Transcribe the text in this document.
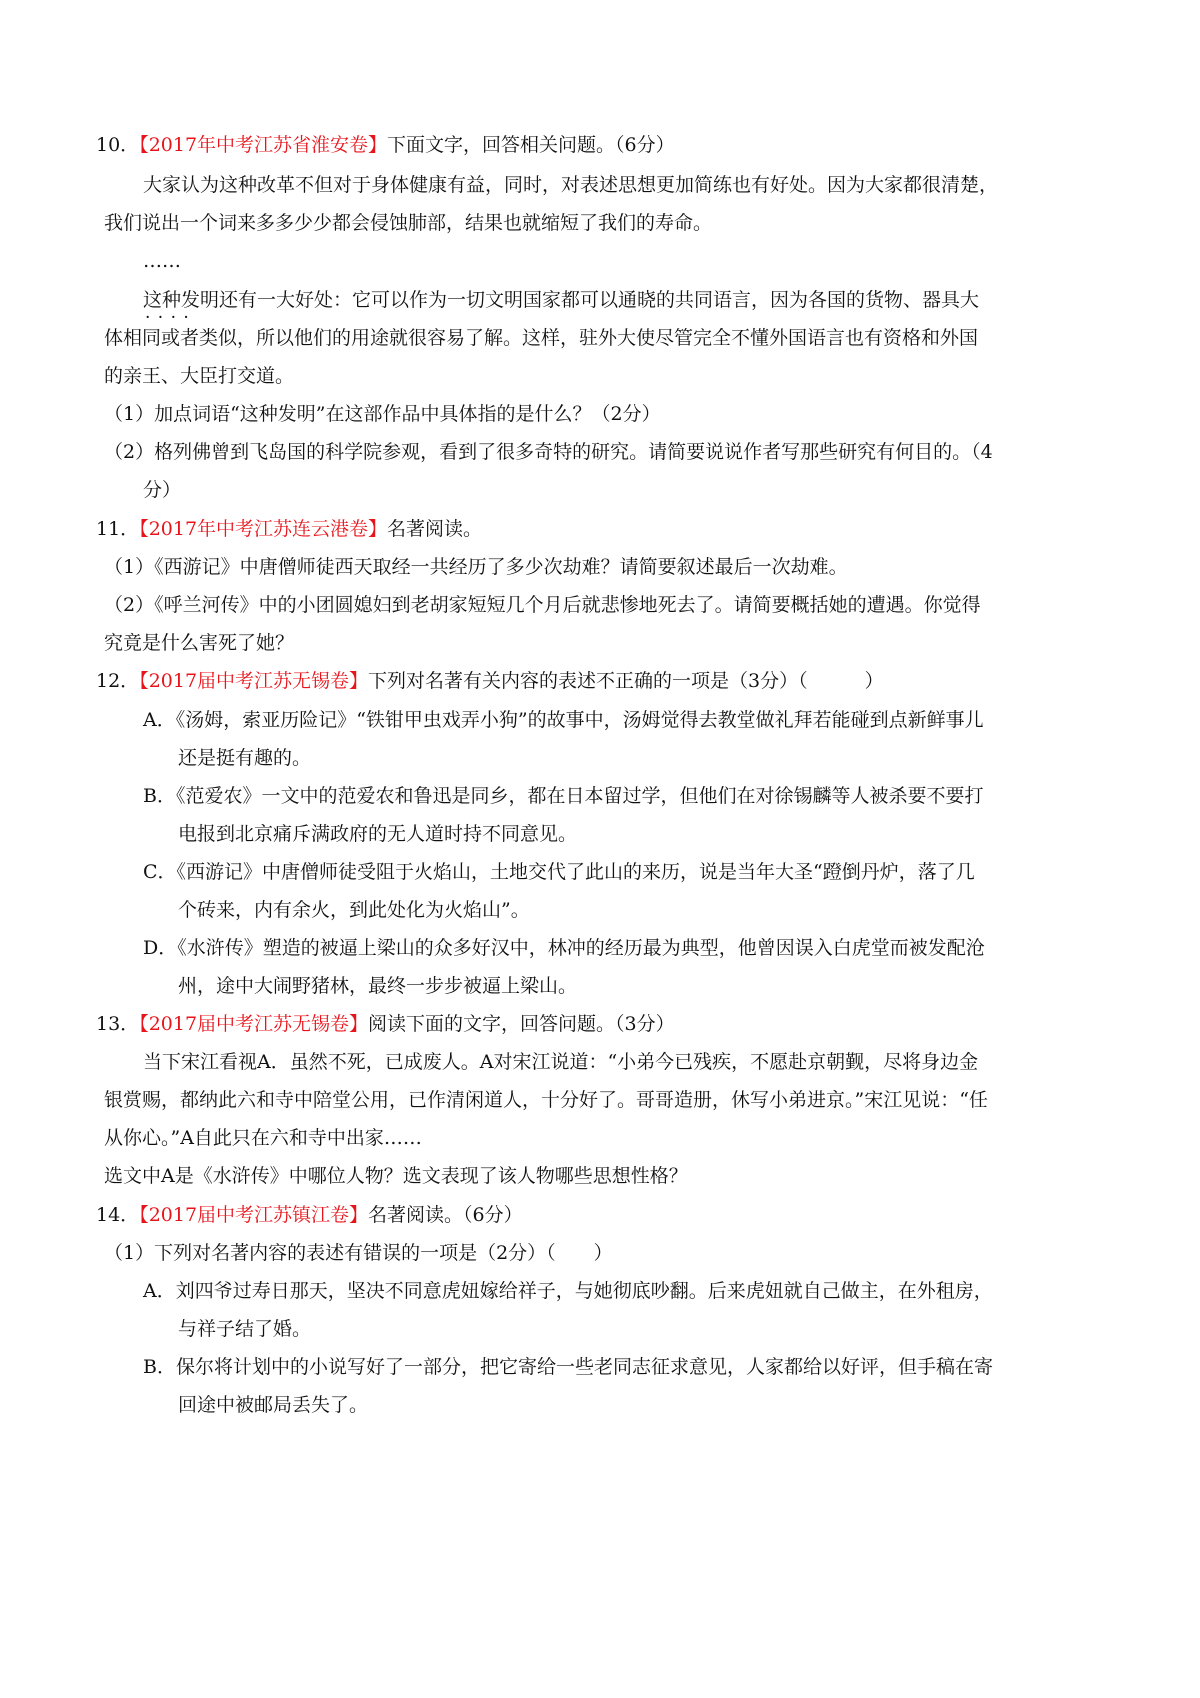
10．【2017年中考江苏省淮安卷】下面文字，回答相关问题。（6分）
大家认为这种改革不但对于身体健康有益，同时，对表述思想更加简练也有好处。因为大家都很清楚，
我们说出一个词来多多少少都会侵蚀肺部，结果也就缩短了我们的寿命。
……
这种发明 · ·还有一大好处：它可以作为一切文明国家都可以通晓的共同语言，因为各国的货物、器具大
体相同或者类似，所以他们的用途就很容易了解。这样，驻外大使尽管完全不懂外国语言也有资格和外国
的亲王、大臣打交道。
（1）加点词语“这种发明”在这部作品中具体指的是什么？（2分）
（2）格列佛曾到飞岛国的科学院参观，看到了很多奇特的研究。请简要说说作者写那些研究有何目的。（4
分）
11．【2017年中考江苏连云港卷】名著阅读。
（1）《西游记》中唐僧师徒西天取经一共经历了多少次劫难？请简要叙述最后一次劫难。
（2）《呼兰河传》中的小团圆媳妇到老胡家短短几个月后就悲惨地死去了。请简要概括她的遭遇。你觉得
究竟是什么害死了她？
12．【2017届中考江苏无锡卷】下列对名著有关内容的表述不正确的一项是（3分）（　　　）
A．《汤姆，索亚历险记》“铁钳甲虫戏弄小狗”的故事中，汤姆觉得去教堂做礼拜若能碰到点新鲜事儿
还是挺有趣的。
B．《范爱农》一文中的范爱农和鲁迅是同乡，都在日本留过学，但他们在对徐锡麟等人被杀要不要打
电报到北京痛斥满政府的无人道时持不同意见。
C．《西游记》中唐僧师徒受阻于火焰山，土地交代了此山的来历，说是当年大圣“蹬倒丹炉，落了几
个砖来，内有余火，到此处化为火焰山”。
D．《水浒传》塑造的被逼上梁山的众多好汉中，林冲的经历最为典型，他曾因误入白虎堂而被发配沧
州，途中大闹野猪林，最终一步步被逼上梁山。
13．【2017届中考江苏无锡卷】阅读下面的文字，回答问题。（3分）
当下宋江看视A．虽然不死，已成废人。A对宋江说道：“小弟今已残疾，不愿赴京朝觐，尽将身边金
银赏赐，都纳此六和寺中陪堂公用，已作清闲道人，十分好了。哥哥造册，休写小弟进京。”宋江见说：“任
从你心。”A自此只在六和寺中出家……
选文中A是《水浒传》中哪位人物？选文表现了该人物哪些思想性格？
14．【2017届中考江苏镇江卷】名著阅读。（6分）
（1）下列对名著内容的表述有错误的一项是（2分）（　　）
A．刘四爷过寿日那天，坚决不同意虎妞嫁给祥子，与她彻底吵翻。后来虎妞就自己做主，在外租房，
与祥子结了婚。
B．保尔将计划中的小说写好了一部分，把它寄给一些老同志征求意见，人家都给以好评，但手稿在寄
回途中被邮局丢失了。
